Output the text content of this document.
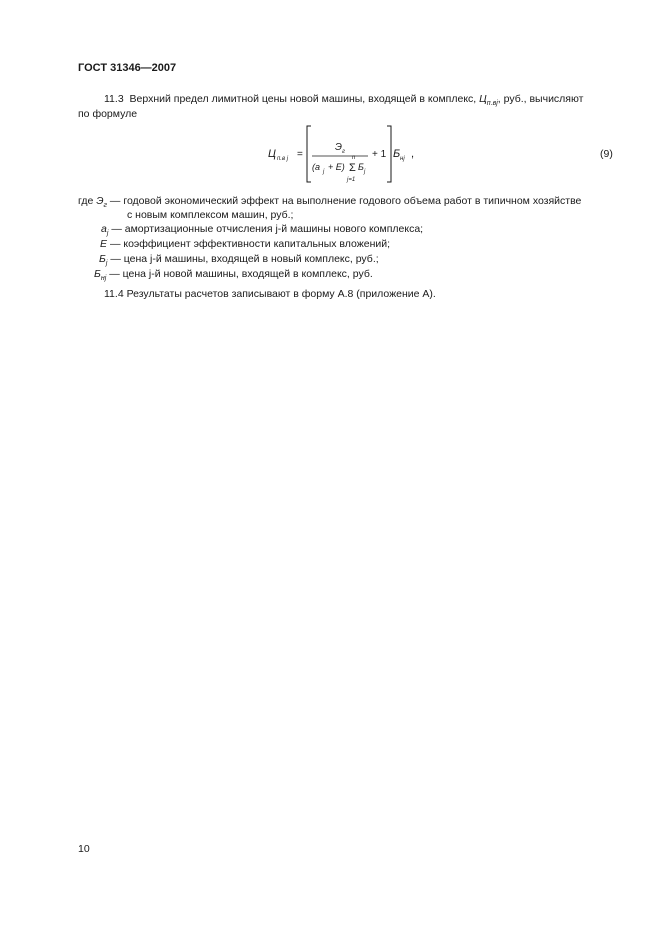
ГОСТ 31346—2007
11.3 Верхний предел лимитной цены новой машины, входящей в комплекс, $Ц_{п.вj}$, руб., вычисляют
по формуле
Ц п.в j =
Э г
(a j + E)
n
Σ
j=1
Б j
+ 1 Б нj ,	(9)
где $Э_г$ — годовой экономический эффект на выполнение годового объема работ в типичном хозяйстве
с новым комплексом машин, руб.;
$a_j$ — амортизационные отчисления j-й машины нового комплекса;
E — коэффициент эффективности капитальных вложений;
$Б_j$ — цена j-й машины, входящей в новый комплекс, руб.;
$Б_{нj}$ — цена j-й новой машины, входящей в комплекс, руб.
11.4 Результаты расчетов записывают в форму А.8 (приложение А).
10
